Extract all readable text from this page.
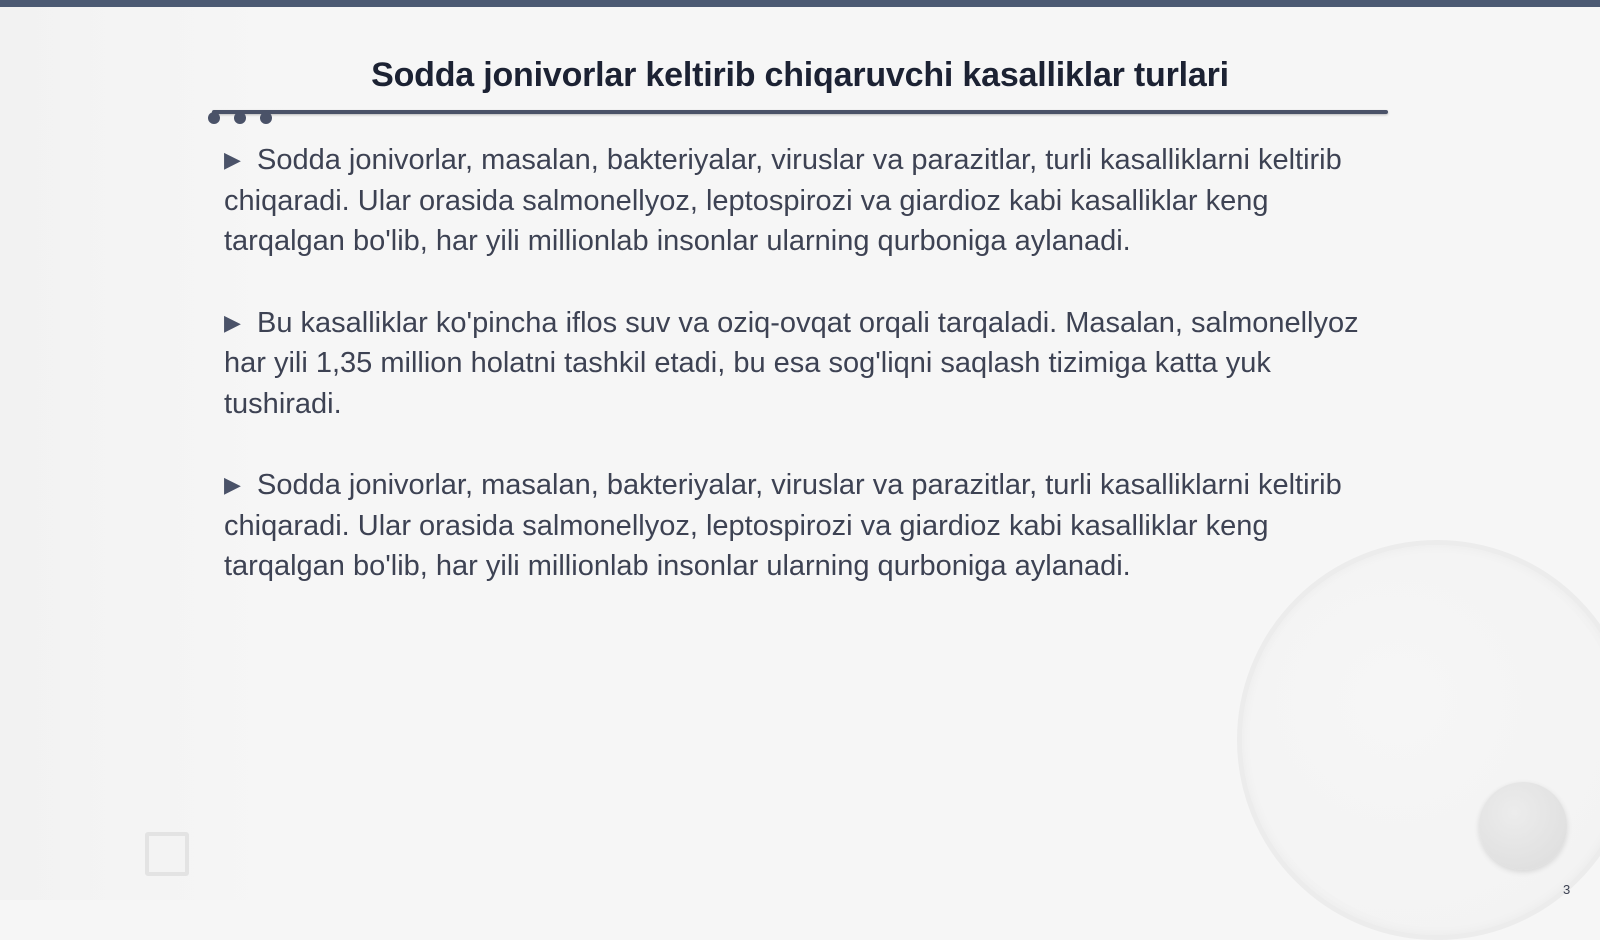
Sodda jonivorlar keltirib chiqaruvchi kasalliklar turlari

▶ Sodda jonivorlar, masalan, bakteriyalar, viruslar va parazitlar, turli kasalliklarni keltirib chiqaradi. Ular orasida salmonellyoz, leptospirozi va giardioz kabi kasalliklar keng tarqalgan bo'lib, har yili millionlab insonlar ularning qurboniga aylanadi.

▶ Bu kasalliklar ko'pincha iflos suv va oziq-ovqat orqali tarqaladi. Masalan, salmonellyoz har yili 1,35 million holatni tashkil etadi, bu esa sog'liqni saqlash tizimiga katta yuk tushiradi.

▶ Sodda jonivorlar, masalan, bakteriyalar, viruslar va parazitlar, turli kasalliklarni keltirib chiqaradi. Ular orasida salmonellyoz, leptospirozi va giardioz kabi kasalliklar keng tarqalgan bo'lib, har yili millionlab insonlar ularning qurboniga aylanadi.

3
